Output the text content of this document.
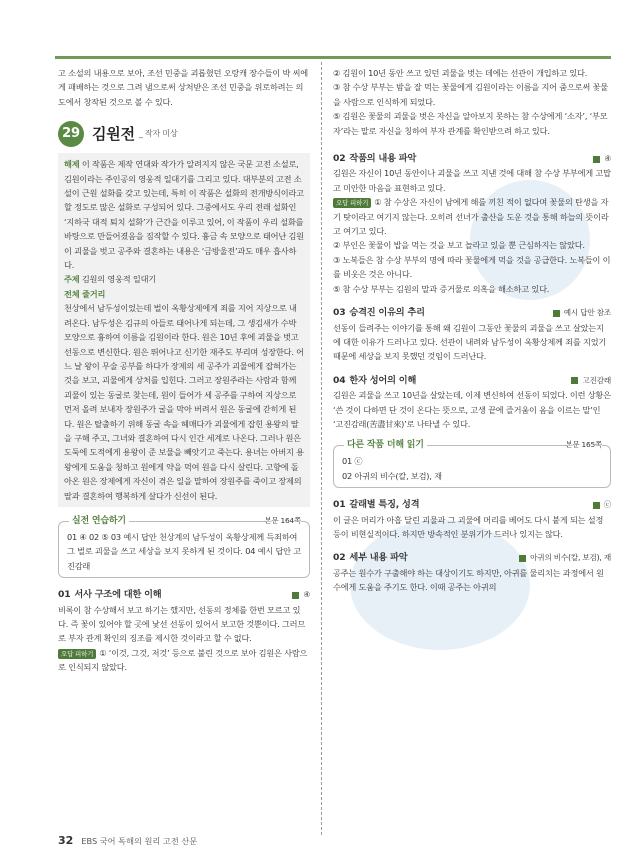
고 소설의 내용으로 보아, 조선 민중을 괴롭혔던 오랑캐 장수들이 박 씨에게 패배하는 것으로 그려 냄으로써 상처받은 조선 민중을 위로하려는 의도에서 창작된 것으로 볼 수 있다.

29 김원전 _ 작자 미상

해제 이 작품은 제작 연대와 작가가 알려지지 않은 국문 고전 소설로, 김원이라는 주인공의 영웅적 일대기를 그리고 있다. 대부분의 고전 소설이 근원 설화를 갖고 있는데, 특히 이 작품은 설화의 전개방식이라고 할 정도로 많은 설화로 구성되어 있다. 그중에서도 우리 전래 설화인 ‘지하국 대적 퇴치 설화’가 근간을 이루고 있어, 이 작품이 우리 설화를 바탕으로 만들어졌음을 짐작할 수 있다. 흉금 속 모양으로 태어난 김원이 괴물을 벗고 공주와 결혼하는 내용은 ‘금방울전’과도 매우 흡사하다.

주제 김원의 영웅적 일대기

전체 줄거리

천상에서 남두성이었는데 벌이 옥황상제에게 죄를 지어 지상으로 내려온다. 남두성은 김규의 아들로 태어나게 되는데, 그 생김새가 수박 모양으로 흉하여 이름을 김원이라 한다. 원은 10년 후에 괴물을 벗고 선동으로 변신한다. 원은 뛰어나고 신기한 재주도 부리며 성장한다. 어느 날 왕이 무술 공부를 하다가 장제의 세 공주가 괴물에게 잡혀가는 것을 보고, 괴물에게 상처를 입힌다. 그러고 장원주라는 사람과 함께 괴물이 있는 동굴로 찾는데, 원이 들어가 세 공주를 구하여 지상으로 먼저 올려 보내자 장원주가 굴을 막아 버려서 원은 동굴에 갇히게 된다. 원은 탈출하기 위해 동굴 속을 헤매다가 괴물에게 잡힌 용왕의 딸을 구해 주고, 그녀와 결혼하여 다시 인간 세계로 나온다. 그러나 원은 도둑에 도적에게 용왕이 준 보물을 빼앗기고 죽는다. 용녀는 아버지 용왕에게 도움을 청하고 원에게 약을 먹여 원을 다시 살린다. 고향에 돌아온 원은 장제에게 자신이 겪은 일을 말하여 장원주를 죽이고 장제의 딸과 결혼하여 행복하게 살다가 신선이 된다.

실전 연습하기	본문 164쪽

01 ④ 02 ⑤ 03 예시 답안 천상계의 남두성이 옥황상제께 득죄하여 그 벌로 괴물을 쓰고 세상을 보지 못하게 된 것이다. 04 예시 답안 고진감래

01 서사 구조에 대한 이해	④

비록이 참 수상해서 보고 하기는 했지만, 선동의 정체를 한번 모르고 있다. 즉 꽃이 있어야 할 곳에 낯선 선동이 있어서 보고한 것뿐이다. 그러므로 부자 관계 확인의 징조를 제시한 것이라고 할 수 없다.

오답 피하기 ① ‘이것, 그것, 저것’ 등으로 불린 것으로 보아 김원은 사람으로 인식되지 않았다.

② 김원이 10년 동안 쓰고 있던 괴물을 벗는 데에는 선관이 개입하고 있다.

③ 참 수상 부부는 밤을 잘 먹는 꽃물에게 김원이라는 이름을 지어 줌으로써 꽃물을 사람으로 인식하게 되었다.

⑤ 김원은 꽃물의 괴물을 벗은 자신을 알아보지 못하는 참 수상에게 ‘소자’, ‘부모자’라는 말로 자신을 칭하여 부자 관계를 확인받으려 하고 있다.

02 작품의 내용 파악	④

김원은 자신이 10년 동안이나 괴물을 쓰고 지낸 것에 대해 참 수상 부부에게 고맙고 미안한 마음을 표현하고 있다.

오답 피하기 ① 참 수상은 자신이 남에게 해를 끼친 적이 없다며 꽃물의 탄생을 자기 탓이라고 여기지 않는다. 오히려 선녀가 출산을 도운 것을 통해 하늘의 뜻이라고 여기고 있다.

② 부인은 꽃물이 밥을 먹는 것을 보고 놀라고 있을 뿐 근심하지는 않았다.

③ 노복들은 참 수상 부부의 명에 따라 꽃물에게 먹을 것을 공급한다. 노복들이 이를 비웃은 것은 아니다.

⑤ 참 수상 부부는 김원의 말과 증거물로 의혹을 해소하고 있다.

03 승격진 이유의 추리	예시 답안 참조

선동이 들려주는 이야기를 통해 왜 김원이 그동안 꽃물의 괴물을 쓰고 살았는지에 대한 이유가 드러나고 있다. 선관이 내려와 남두성이 옥황상제께 죄를 지었기 때문에 세상을 보지 못했던 것임이 드러난다.

04 한자 성어의 이해	고진감래

김원은 괴물을 쓰고 10년을 살았는데, 이제 변신하여 선동이 되었다. 이런 상황은 ‘쓴 것이 다하면 단 것이 온다는 뜻으로, 고생 끝에 즐거움이 옴을 이르는 말’인 ‘고진감래(苦盡甘來)’로 나타낼 수 있다.

다른 작품 더해 읽기	본문 165쪽

01 ⓒ

02 아귀의 비수(칼, 보검), 재

01 갈래별 특징, 성격	ⓒ

이 글은 머리가 아홉 달린 괴물과 그 괴물에 머리를 베어도 다시 붙게 되는 설정 등이 비현실적이다. 하지만 방속적인 분위기가 드러나 있지는 않다.

02 세부 내용 파악	아귀의 비수(칼, 보검), 재

공주는 원수가 구출해야 하는 대상이기도 하지만, 아귀를 물리치는 과정에서 원수에게 도움을 주기도 한다. 이때 공주는 아귀의

32 EBS 국어 독해의 원리 고전 산문
